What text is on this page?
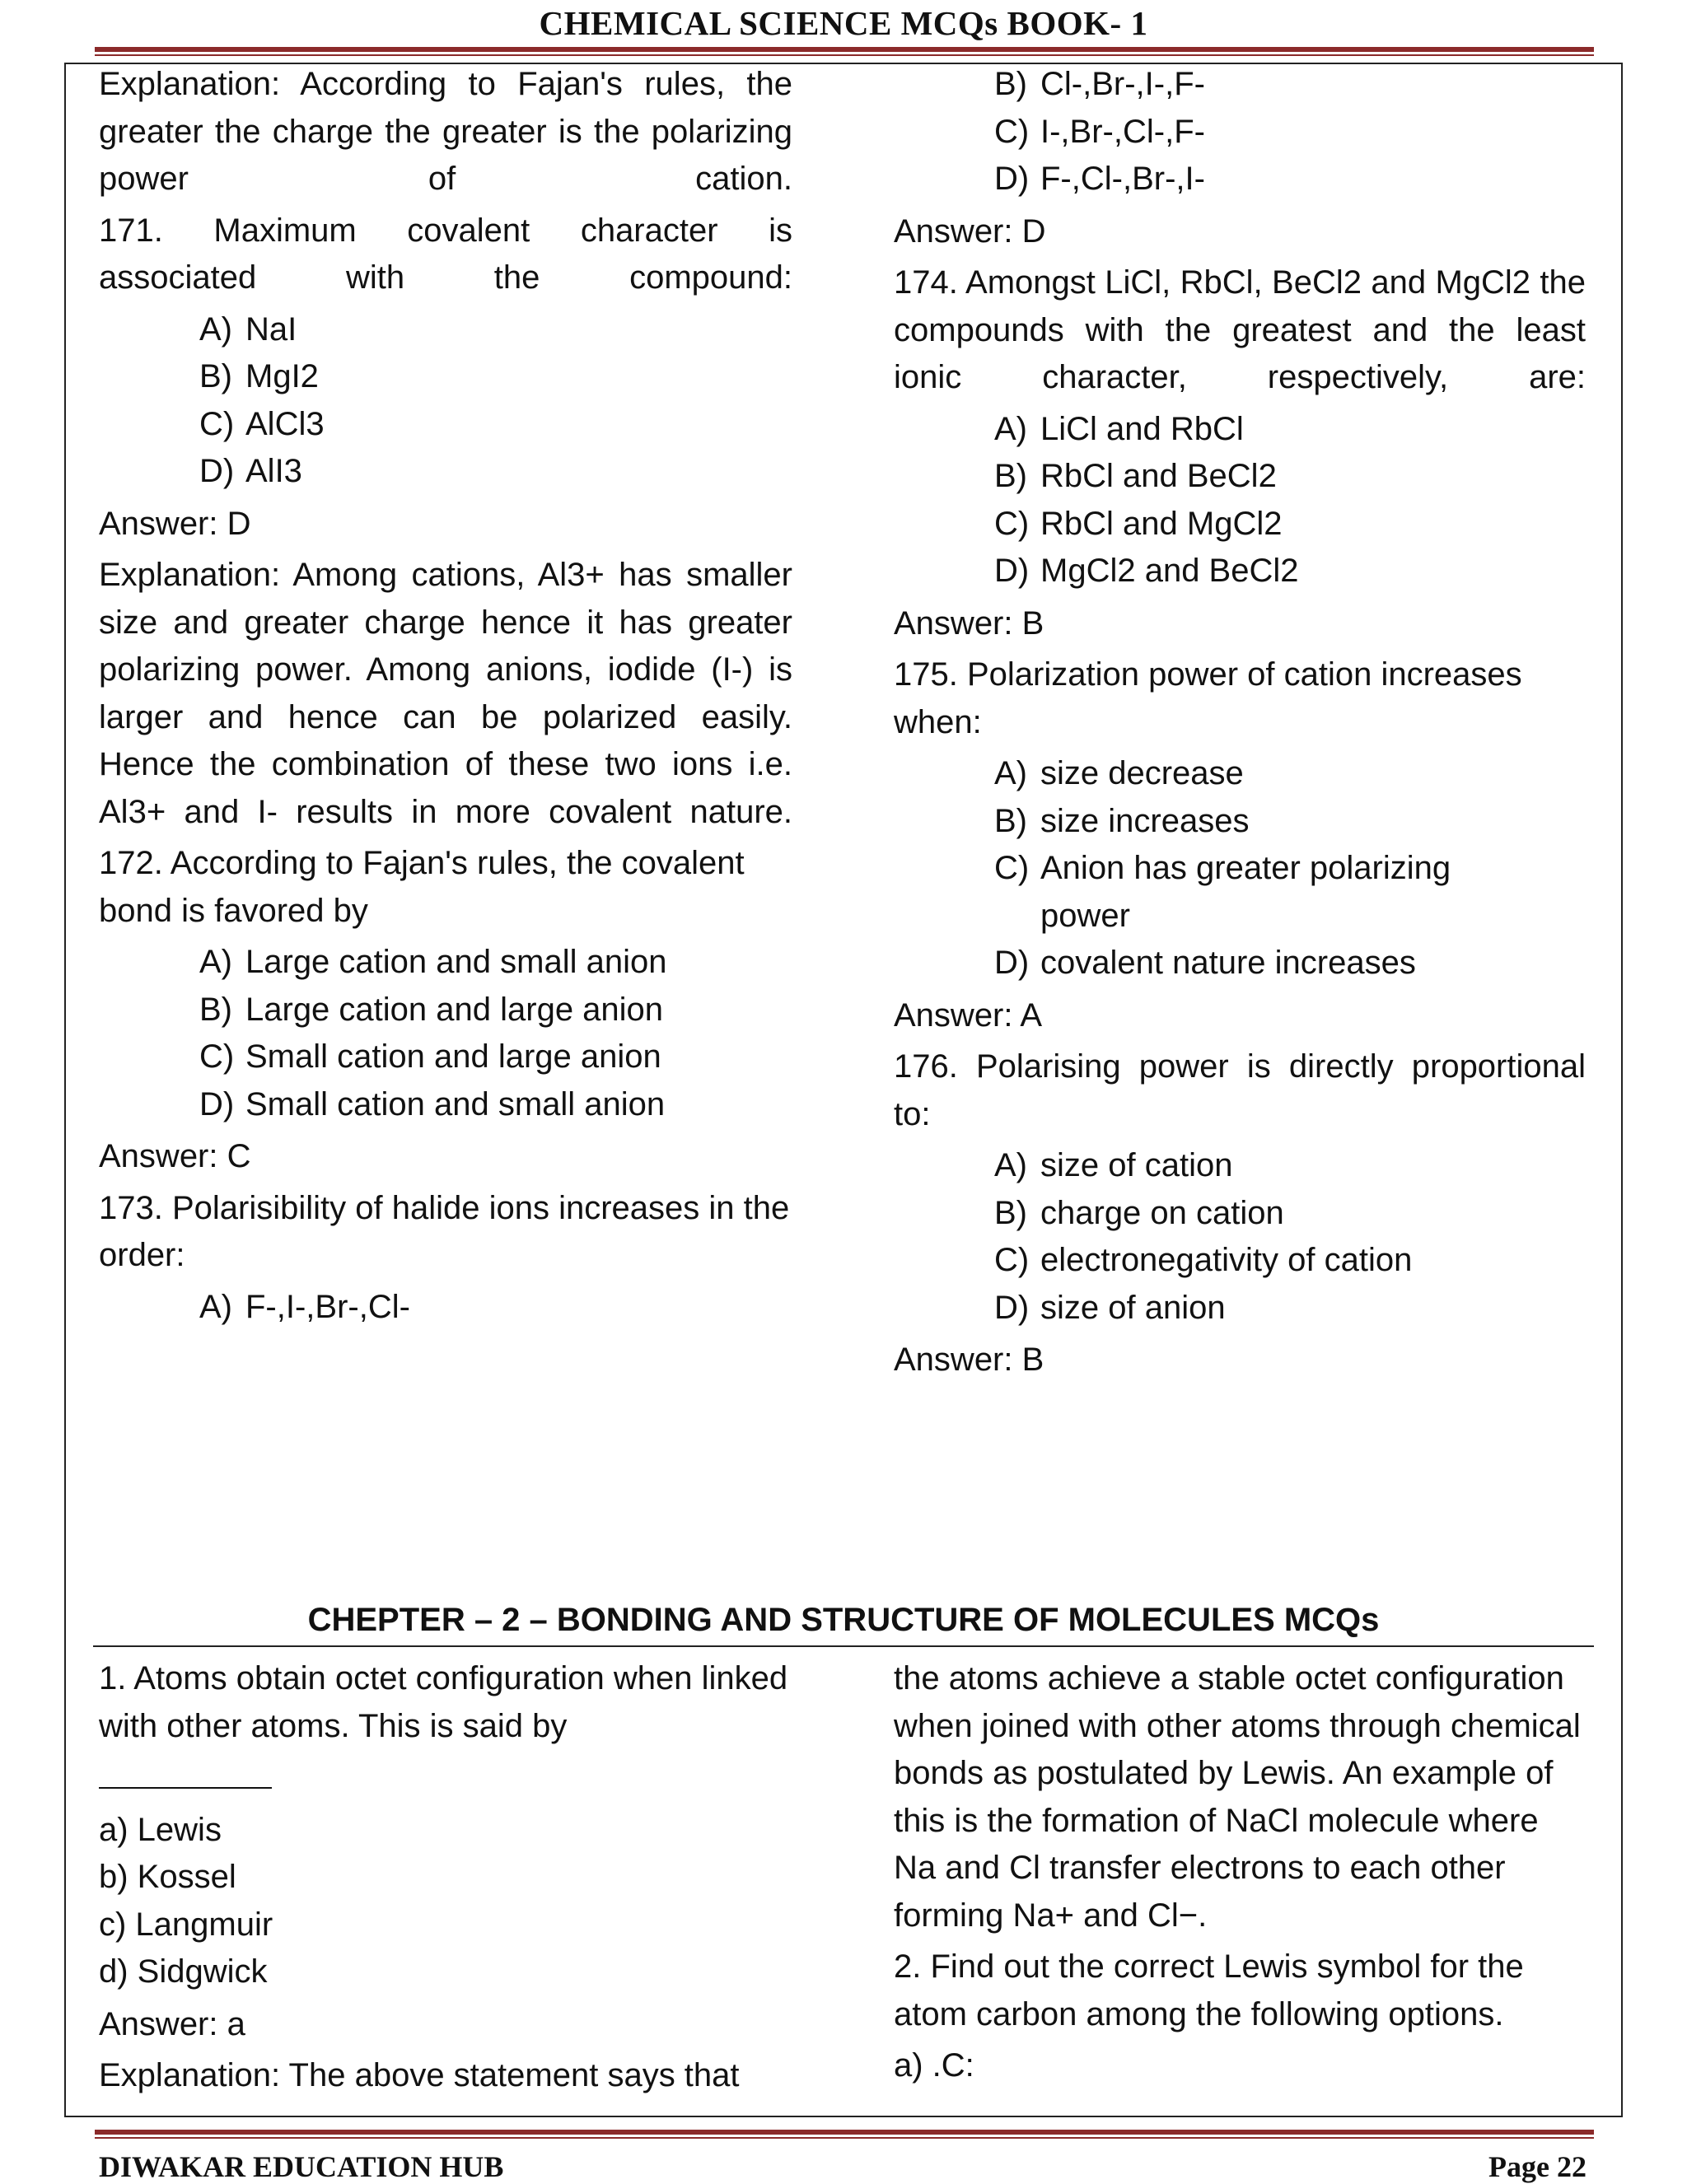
CHEMICAL SCIENCE MCQs BOOK- 1

Explanation: According to Fajan's rules, the greater the charge the greater is the polarizing power of cation.

171. Maximum covalent character is associated with the compound:

A) NaI
B) MgI2
C) AlCl3
D) AlI3

Answer: D

Explanation: Among cations, Al3+ has smaller size and greater charge hence it has greater polarizing power. Among anions, iodide (I-) is larger and hence can be polarized easily. Hence the combination of these two ions i.e. Al3+ and I- results in more covalent nature.

172. According to Fajan's rules, the covalent bond is favored by

A) Large cation and small anion
B) Large cation and large anion
C) Small cation and large anion
D) Small cation and small anion

Answer: C

173. Polarisibility of halide ions increases in the order:

A) F-,I-,Br-,Cl-
B) Cl-,Br-,I-,F-
C) I-,Br-,Cl-,F-
D) F-,Cl-,Br-,I-

Answer: D

174. Amongst LiCl, RbCl, BeCl2 and MgCl2 the compounds with the greatest and the least ionic character, respectively, are:

A) LiCl and RbCl
B) RbCl and BeCl2
C) RbCl and MgCl2
D) MgCl2 and BeCl2

Answer: B

175. Polarization power of cation increases when:

A) size decrease
B) size increases
C) Anion has greater polarizing power
D) covalent nature increases

Answer: A

176. Polarising power is directly proportional to:

A) size of cation
B) charge on cation
C) electronegativity of cation
D) size of anion

Answer: B

CHEPTER – 2 – BONDING AND STRUCTURE OF MOLECULES MCQs

1. Atoms obtain octet configuration when linked with other atoms. This is said by

a) Lewis
b) Kossel
c) Langmuir
d) Sidgwick

Answer: a

Explanation: The above statement says that

the atoms achieve a stable octet configuration when joined with other atoms through chemical bonds as postulated by Lewis. An example of this is the formation of NaCl molecule where Na and Cl transfer electrons to each other forming Na+ and Cl−.

2. Find out the correct Lewis symbol for the atom carbon among the following options.

a) .C:

DIWAKAR EDUCATION HUB	Page 22
